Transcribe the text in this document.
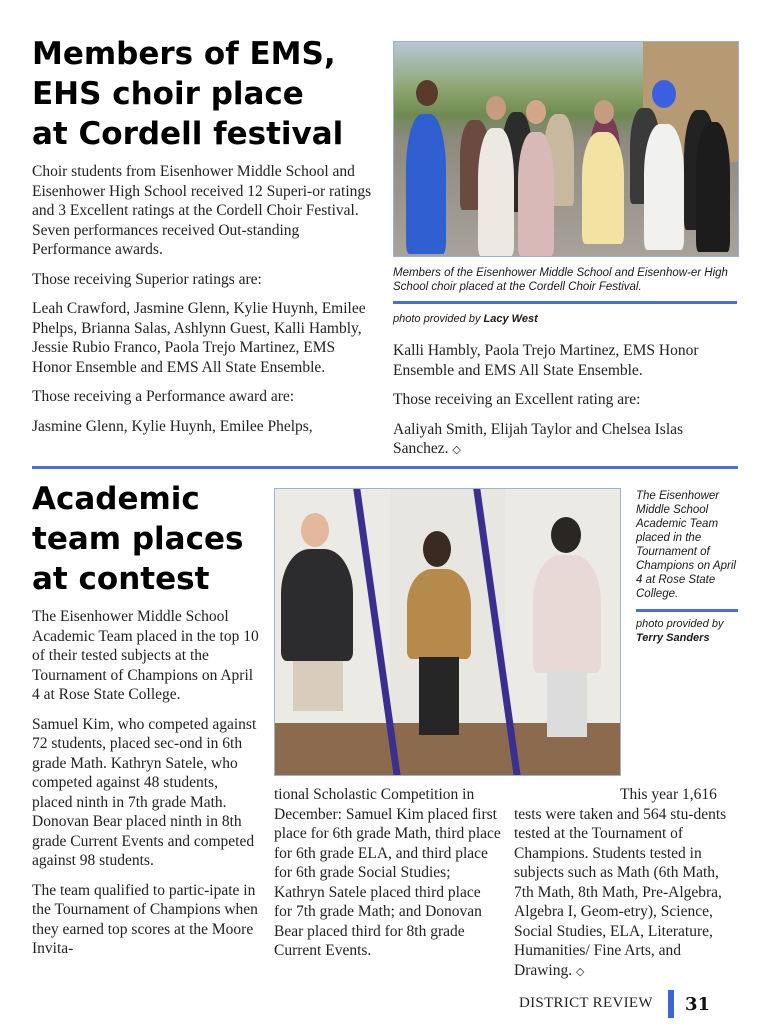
Members of EMS,
EHS choir place
at Cordell festival

Choir students from Eisenhower Middle School and Eisenhower High School received 12 Superi-or ratings and 3 Excellent ratings at the Cordell Choir Festival. Seven performances received Out-standing Performance awards.

Those receiving Superior ratings are:

Leah Crawford, Jasmine Glenn, Kylie Huynh, Emilee Phelps, Brianna Salas, Ashlynn Guest, Kalli Hambly, Jessie Rubio Franco, Paola Trejo Martinez, EMS Honor Ensemble and EMS All State Ensemble.

Those receiving a Performance award are:

Jasmine Glenn, Kylie Huynh, Emilee Phelps,

Members of the Eisenhower Middle School and Eisenhow-er High School choir placed at the Cordell Choir Festival.
photo provided by Lacy West

Kalli Hambly, Paola Trejo Martinez, EMS Honor Ensemble and EMS All State Ensemble.

Those receiving an Excellent rating are:

Aaliyah Smith, Elijah Taylor and Chelsea Islas Sanchez. ◇

Academic
team places
at contest

The Eisenhower Middle School Academic Team placed in the top 10 of their tested subjects at the Tournament of Champions on April 4 at Rose State College.

Samuel Kim, who competed against 72 students, placed sec-ond in 6th grade Math. Kathryn Satele, who competed against 48 students, placed ninth in 7th grade Math. Donovan Bear placed ninth in 8th grade Current Events and competed against 98 students.

The team qualified to partic-ipate in the Tournament of Champions when they earned top scores at the Moore Invita-

The Eisenhower Middle School Academic Team placed in the Tournament of Champions on April 4 at Rose State College.
photo provided by
Terry Sanders

tional Scholastic Competition in December: Samuel Kim placed first place for 6th grade Math, third place for 6th grade ELA, and third place for 6th grade Social Studies; Kathryn Satele placed third place for 7th grade Math; and Donovan Bear placed third for 8th grade Current Events.

This year 1,616 tests were taken and 564 stu-dents tested at the Tournament of Champions. Students tested in subjects such as Math (6th Math, 7th Math, 8th Math, Pre-Algebra, Algebra I, Geom-etry), Science, Social Studies, ELA, Literature, Humanities/ Fine Arts, and Drawing. ◇

DISTRICT REVIEW 31
